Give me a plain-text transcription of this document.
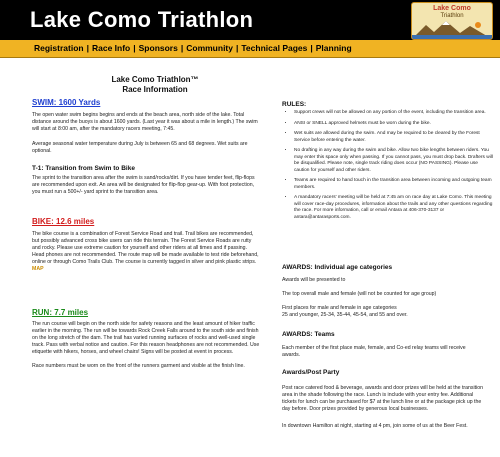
Lake Como Triathlon	Lake Como
Triathlon
Registration | Race Info | Sponsors | Community | Technical Pages | Planning
Lake Como Triathlon™
Race Information
SWIM: 1600 Yards
The open water swim begins begins and ends at the beach area, north side of the lake. Total distance around the buoys is about 1600 yards. (Last year it was about a mile in length.) The swim will start at 8:00 am, after the mandatory racers meeting, 7:45.
Average seasonal water temperature during July is between 65 and 68 degrees. Wet suits are optional.
T-1: Transition from Swim to Bike
The sprint to the transition area after the swim is sand/rocks/dirt. If you have tender feet, flip-flops are recommended upon exit. An area will be designated for flip-flop gear-up. With foot protection, you must run a 500+/- yard sprint to the transition area.
BIKE: 12.6 miles
The bike course is a combination of Forest Service Road and trail. Trail bikes are recommended, but possibly advanced cross bike users can ride this terrain. The Forest Service Roads are rutty and rocky. Please use extreme caution for yourself and other riders at all times and if passing. Head phones are not recommended. The route map will be made available to test ride beforehand, online or through Como Trails Club. The course is currently tagged in silver and pink plastic strips. MAP
RUN: 7.7 miles
The run course will begin on the north side for safety reasons and the least amount of hiker traffic earlier in the morning. The run will be towards Rock Creek Falls around to the south side and finish on the long stretch of the dam. The trail has varied running surfaces of rocks and well-used single track. Pass with verbal notice and caution. For this reason headphones are not recommended. Use etiquette with hikers, horses, and wheel chairs! Signs will be posted at event in process.
Race numbers must be worn on the front of the runners garment and visible at the finish line.
RULES:
• Support crews will not be allowed on any portion of the event, including the transition area.
• ANSI or SNELL approved helmets must be worn during the bike.
• Wet suits are allowed during the swim. And may be required to be cleared by the Forest Service before entering the water.
• No drafting in any way during the swim and bike. Allow two bike lengths between riders. You may enter this space only when passing. If you cannot pass, you must drop back. Drafters will be disqualified. Please note, single track riding does occur (NO PASSING). Please use caution for yourself and other riders.
• Teams are required to hand touch in the transition area between incoming and outgoing team members.
• A mandatory racers' meeting will be held at 7:45 am on race day at Lake Como. This meeting will cover race-day procedures, information about the trails and any other questions regarding the race. For more information, call or email Antara at 406-370-3137 or antara@antarasports.com.
AWARDS: Individual age categories
Awards will be presented to
The top overall male and female (will not be counted for age group)
First places for male and female in age categories
25 and younger, 25-34, 35-44, 45-54, and 55 and over.
AWARDS: Teams
Each member of the first place male, female, and Co-ed relay teams will receive awards.
Awards/Post Party
Post race catered food & beverage, awards and door prizes will be held at the transition area in the shade following the race. Lunch is include with your entry fee. Additional tickets for lunch can be purchased for $7 at the lunch line or at the package pick up the day before. Door prizes provided by generous local businesses.
In downtown Hamilton at night, starting at 4 pm, join some of us at the Beer Fest.
